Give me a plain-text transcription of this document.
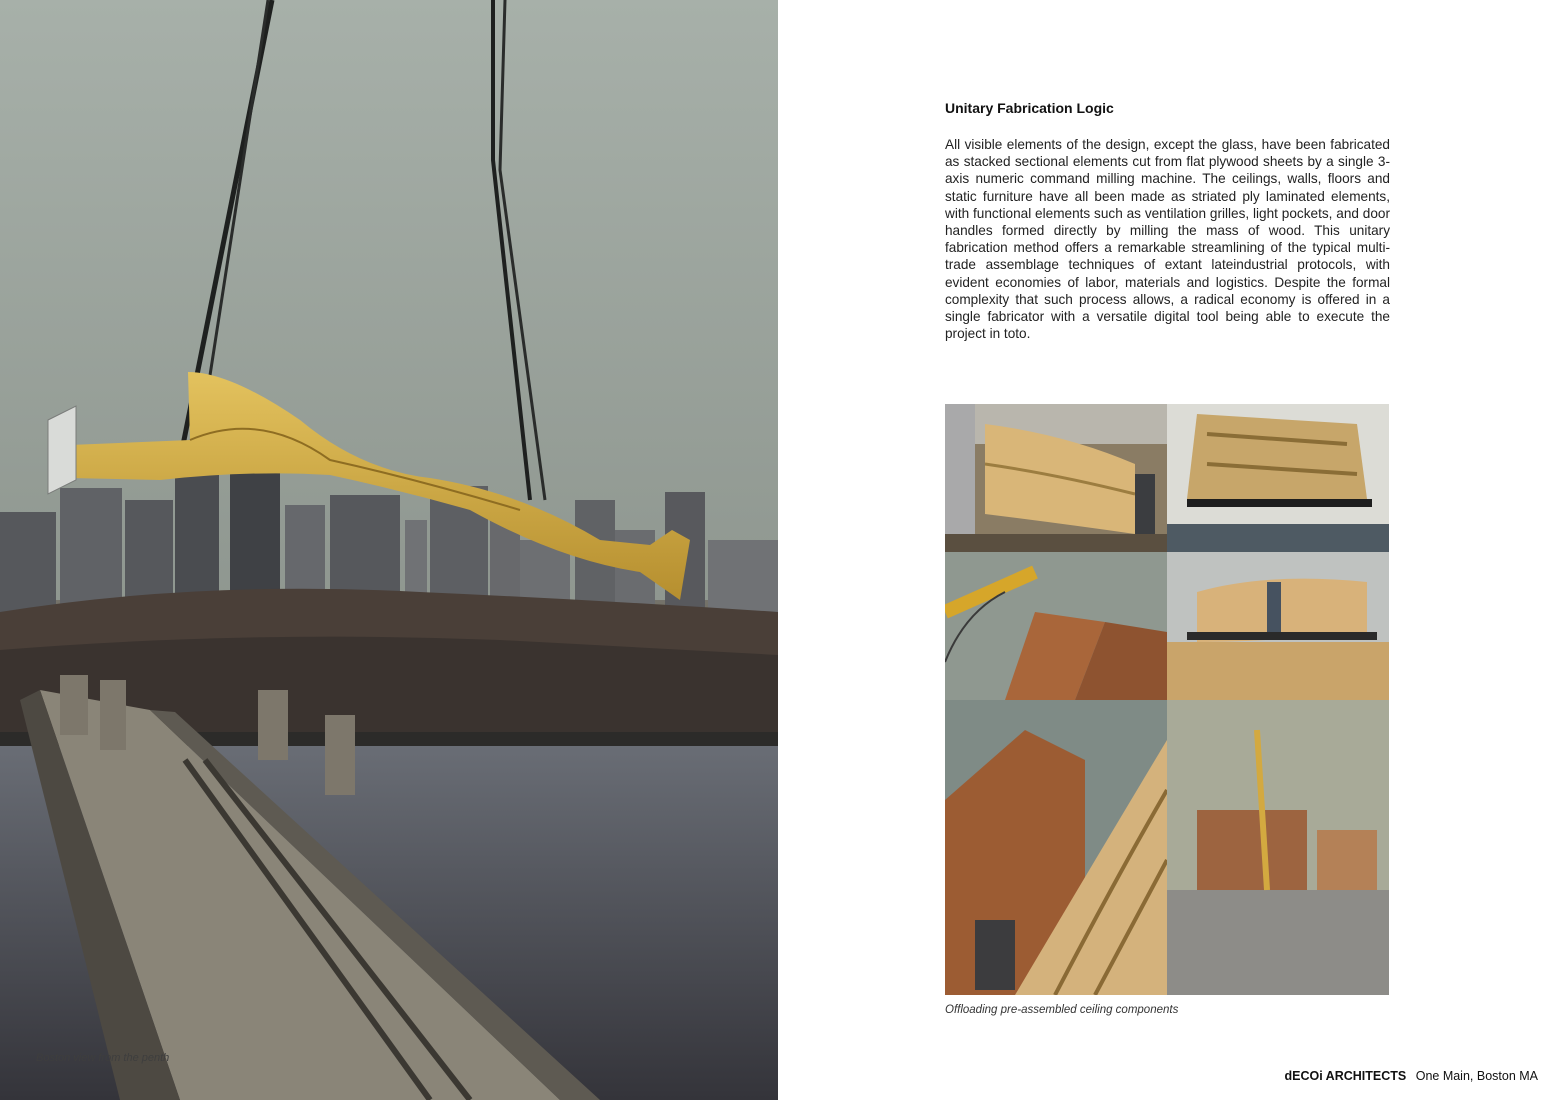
Boston view from the penth
Unitary Fabrication Logic

All visible elements of the design, except the glass, have been fabricated as stacked sectional elements cut from flat plywood sheets by a single 3-axis numeric command milling machine. The ceilings, walls, floors and static furniture have all been made as striated ply laminated elements, with functional elements such as ventilation grilles, light pockets, and door handles formed directly by milling the mass of wood. This unitary fabrication method offers a remarkable streamlining of the typical multi-trade assemblage techniques of extant lateindustrial protocols, with evident economies of labor, materials and logistics. Despite the formal complexity that such process allows, a radical economy is offered in a single fabricator with a versatile digital tool being able to execute the project in toto.

Offloading pre-assembled ceiling components
dECOi ARCHITECTS One Main, Boston MA
